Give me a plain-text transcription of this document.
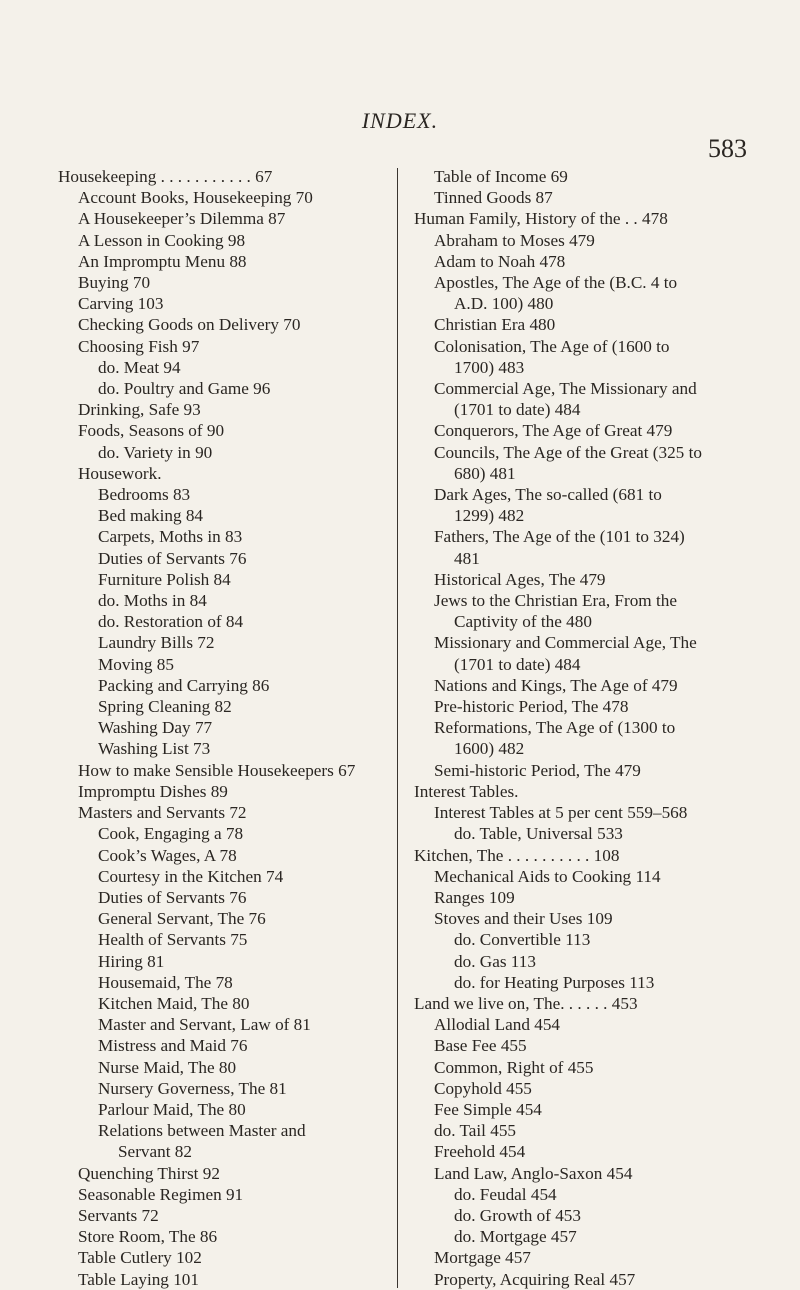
INDEX.
583
Housekeeping . . . . . . . . . . . 67
Account Books, Housekeeping 70
A Housekeeper’s Dilemma 87
A Lesson in Cooking 98
An Impromptu Menu 88
Buying 70
Carving 103
Checking Goods on Delivery 70
Choosing Fish 97
do. Meat 94
do. Poultry and Game 96
Drinking, Safe 93
Foods, Seasons of 90
do. Variety in 90
Housework.
Bedrooms 83
Bed making 84
Carpets, Moths in 83
Duties of Servants 76
Furniture Polish 84
do. Moths in 84
do. Restoration of 84
Laundry Bills 72
Moving 85
Packing and Carrying 86
Spring Cleaning 82
Washing Day 77
Washing List 73
How to make Sensible Housekeepers 67
Impromptu Dishes 89
Masters and Servants 72
Cook, Engaging a 78
Cook’s Wages, A 78
Courtesy in the Kitchen 74
Duties of Servants 76
General Servant, The 76
Health of Servants 75
Hiring 81
Housemaid, The 78
Kitchen Maid, The 80
Master and Servant, Law of 81
Mistress and Maid 76
Nurse Maid, The 80
Nursery Governess, The 81
Parlour Maid, The 80
Relations between Master and
Servant 82
Quenching Thirst 92
Seasonable Regimen 91
Servants 72
Store Room, The 86
Table Cutlery 102
Table Laying 101
Table of Income 69
Tinned Goods 87
Human Family, History of the . . 478
Abraham to Moses 479
Adam to Noah 478
Apostles, The Age of the (B.C. 4 to
A.D. 100) 480
Christian Era 480
Colonisation, The Age of (1600 to
1700) 483
Commercial Age, The Missionary and
(1701 to date) 484
Conquerors, The Age of Great 479
Councils, The Age of the Great (325 to
680) 481
Dark Ages, The so-called (681 to
1299) 482
Fathers, The Age of the (101 to 324)
481
Historical Ages, The 479
Jews to the Christian Era, From the
Captivity of the 480
Missionary and Commercial Age, The
(1701 to date) 484
Nations and Kings, The Age of 479
Pre-historic Period, The 478
Reformations, The Age of (1300 to
1600) 482
Semi-historic Period, The 479
Interest Tables.
Interest Tables at 5 per cent 559–568
do. Table, Universal 533
Kitchen, The . . . . . . . . . . 108
Mechanical Aids to Cooking 114
Ranges 109
Stoves and their Uses 109
do. Convertible 113
do. Gas 113
do. for Heating Purposes 113
Land we live on, The. . . . . . 453
Allodial Land 454
Base Fee 455
Common, Right of 455
Copyhold 455
Fee Simple 454
do. Tail 455
Freehold 454
Land Law, Anglo-Saxon 454
do. Feudal 454
do. Growth of 453
do. Mortgage 457
Mortgage 457
Property, Acquiring Real 457
